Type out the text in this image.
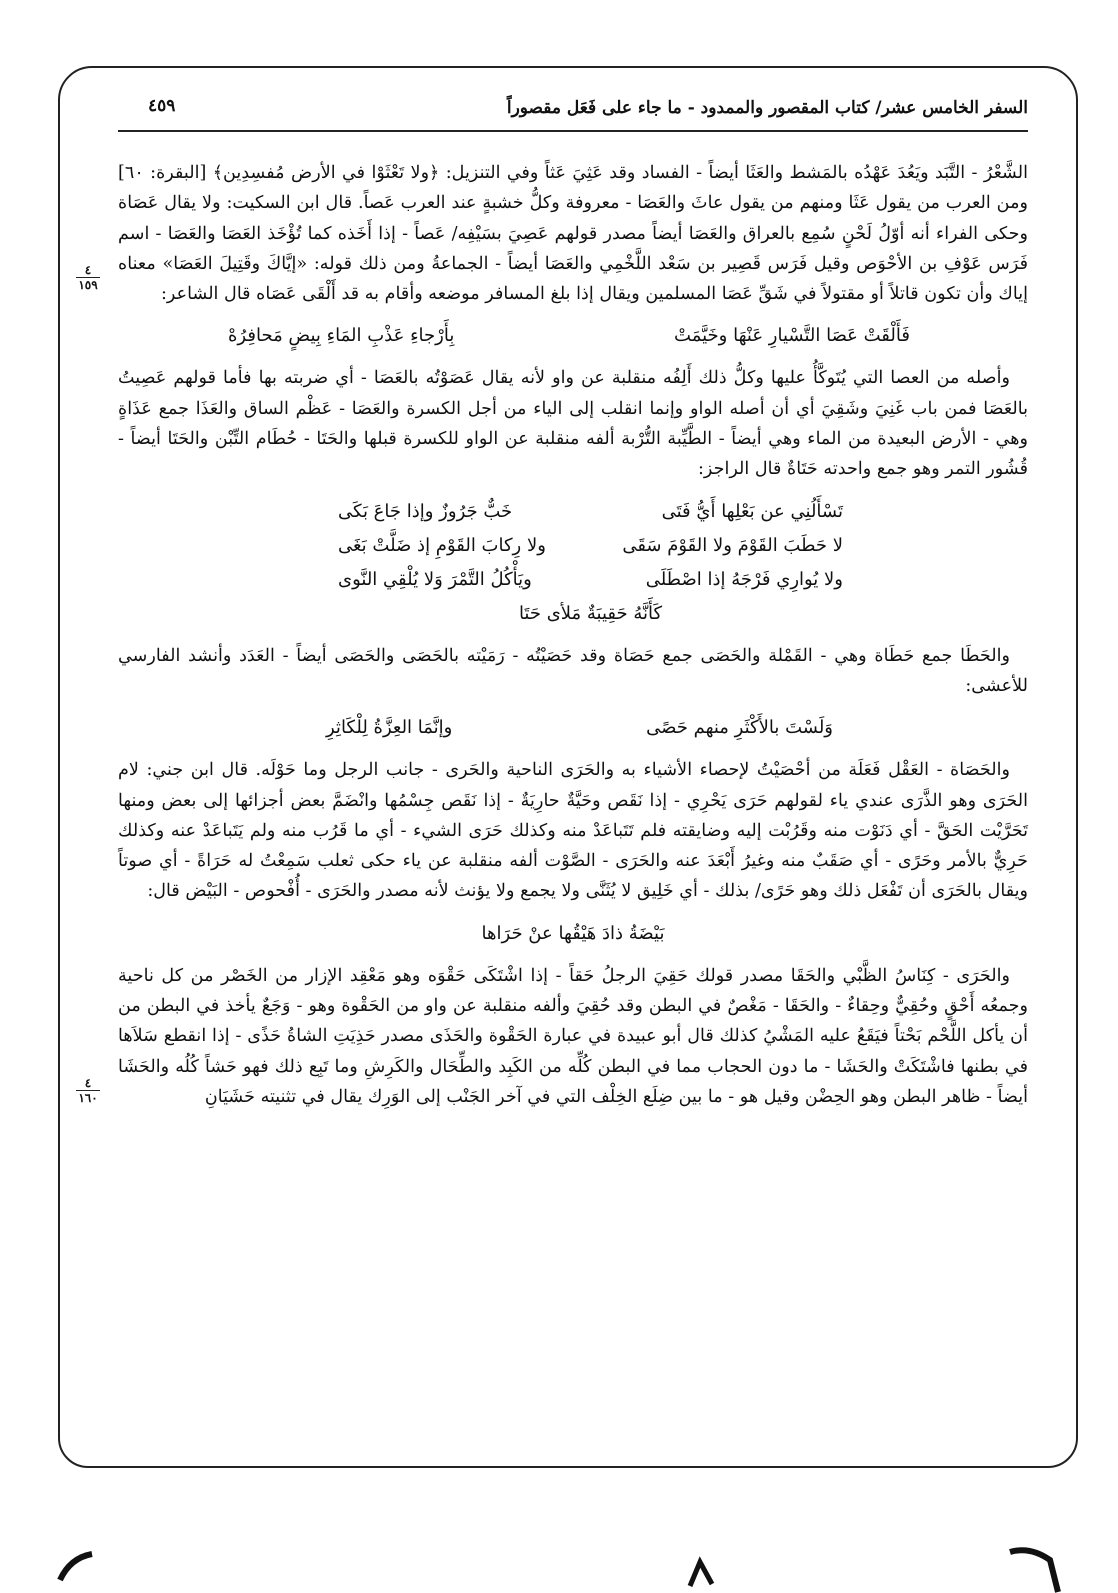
السفر الخامس عشر/ كتاب المقصور والممدود - ما جاء على فَعَل مقصوراً
٤٥٩
٤
١٥٩
٤
١٦٠

الشَّعْرُ - التَّبَد ويَعُدَ عَهْدُه بالمَشط والعَثَا أيضاً - الفساد وقد عَثِيَ عَثاً وفي التنزيل: ﴿ولا تَعْثَوْا في الأرض مُفسِدِين﴾ [البقرة: ٦٠] ومن العرب من يقول عَثَا ومنهم من يقول عاثَ والعَصَا - معروفة وكلُّ خشبةٍ عند العرب عَصاً. قال ابن السكيت: ولا يقال عَصَاة وحكى الفراء أنه أوّلُ لَحْنٍ سُمِع بالعراق والعَصَا أيضاً مصدر قولهم عَصِيَ بسَيْفِه/ عَصاً - إذا أَخَذه كما تُؤْخَذ العَصَا والعَصَا - اسم فَرَس عَوْفِ بن الأحْوَص وقيل فَرَس قَصِير بن سَعْد اللَّخْمِي والعَصَا أيضاً - الجماعةُ ومن ذلك قوله: «إيَّاكَ وقَتِيلَ العَصَا» معناه إياك وأن تكون قاتلاً أو مقتولاً في شَقِّ عَصَا المسلمين ويقال إذا بلغ المسافر موضعه وأقام به قد أَلْقَى عَصَاه قال الشاعر:

فَأَلْقَتْ عَصَا التَّسْيارِ عَنْهَا وخَيَّمَتْ
بِأَرْجاءِ عَذْبِ المَاءِ بِيضٍ مَحافِرُهْ

وأصله من العصا التي يُتَوكَّأُ عليها وكلُّ ذلك أَلِفُه منقلبة عن واو لأنه يقال عَصَوْتُه بالعَصَا - أي ضربته بها فأما قولهم عَصِيتُ بالعَصَا فمن باب غَنِيَ وشَقِيَ أي أن أصله الواو وإنما انقلب إلى الياء من أجل الكسرة والعَصَا - عَظْم الساق والعَذَا جمع عَذَاةٍ وهي - الأرض البعيدة من الماء وهي أيضاً - الطَّيِّبة التُّرْبة ألفه منقلبة عن الواو للكسرة قبلها والحَتَا - حُطَام التِّبْن والحَتَا أيضاً - قُشُور التمر وهو جمع واحدته حَتَاةٌ قال الراجز:

تَسْأَلُنِي عن بَعْلِها أَيُّ فَتَى
خَبٌّ جَرُوزٌ وإذا جَاعَ بَكَى
لا حَطَبَ القَوْمَ ولا القَوْمَ سَقَى
ولا رِكابَ القَوْمِ إذ ضَلَّتْ بَغَى
ولا يُوارِي فَرْجَهُ إذا اصْطَلَى
ويَأْكُلُ التَّمْرَ وَلا يُلْقِي النَّوى
كَأَنَّهُ حَقِيبَةٌ مَلأى حَتَا

والحَطَا جمع حَطَاة وهي - القَمْلة والحَصَى جمع حَصَاة وقد حَصَيْتُه - رَمَيْته بالحَصَى والحَصَى أيضاً - العَدَد وأنشد الفارسي للأعشى:

وَلَسْتَ بالأَكْثَرِ منهم حَصًى
وإنَّمَا العِزَّةُ لِلْكَاثِرِ

والحَصَاة - العَقْل فَعَلَة من أحْصَيْتُ لإحصاء الأشياء به والحَرَى الناحية والحَرى - جانب الرجل وما حَوْلَه. قال ابن جني: لام الحَرَى وهو الذَّرَى عندي ياء لقولهم حَرَى يَحْرِي - إذا نَقَص وحَيَّةٌ حارِيَةٌ - إذا نَقَص جِسْمُها وانْضَمَّ بعض أجزائها إلى بعض ومنها تَحَرَّيْت الحَقَّ - أي دَنَوْت منه وقَرُبْت إليه وضايقته فلم تَتَباعَدْ منه وكذلك حَرَى الشيء - أي ما قَرُب منه ولم يَتَباعَدْ عنه وكذلك حَرِيٌّ بالأمر وحَرًى - أي صَقَبٌ منه وغيرُ أَبْعَدَ عنه والحَرَى - الصَّوْت ألفه منقلبة عن ياء حكى ثعلب سَمِعْتُ له حَرَاةً - أي صوتاً ويقال بالحَرَى أن تَفْعَل ذلك وهو حَرًى/ بذلك - أي خَلِيق لا يُثَنَّى ولا يجمع ولا يؤنث لأنه مصدر والحَرَى - أُفْحوص - البَيْض قال:

بَيْضَةُ ذادَ هَيْقُها عنْ حَرَاها

والحَرَى - كِنَاسُ الظَّبْي والحَقَا مصدر قولك حَقِيَ الرجلُ حَقاً - إذا اشْتَكَى حَقْوَه وهو مَعْقِد الإزار من الخَصْر من كل ناحية وجمعُه أَحْقٍ وحُقِيٌّ وحِقاءٌ - والحَقَا - مَغْصٌ في البطن وقد حُقِيَ وألفه منقلبة عن واو من الحَقْوة وهو - وَجَعٌ يأخذ في البطن من أن يأكل اللَّحْم بَحْتاً فيَقَعُ عليه المَشْيُ كذلك قال أبو عبيدة في عبارة الحَقْوة والحَذَى مصدر حَذِيَتِ الشاةُ حَذًى - إذا انقطع سَلاَها في بطنها فاشْتَكَتْ والحَشَا - ما دون الحجاب مما في البطن كُلِّه من الكَبِد والطِّحَال والكَرِشِ وما تَبِع ذلك فهو حَشاً كُلُه والحَشَا أيضاً - ظاهر البطن وهو الحِضْن وقيل هو - ما بين ضِلَع الخِلْف التي في آخر الجَنْب إلى الوَرِك يقال في تثنيته حَشَيَانِ
